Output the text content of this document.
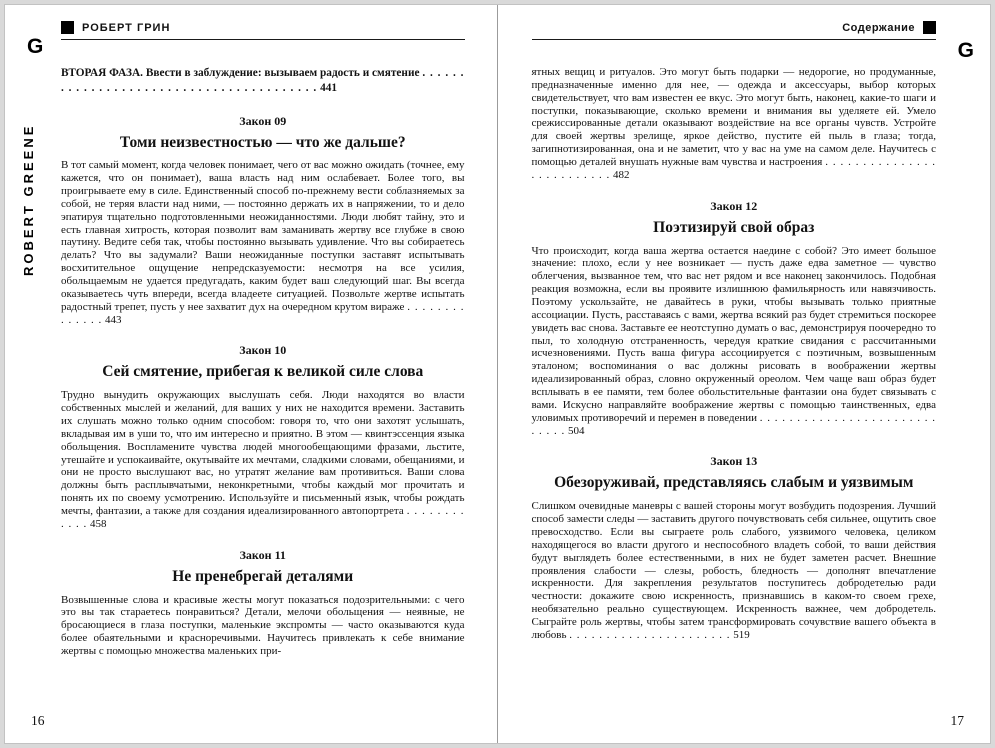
G
ROBERT GREENE
РОБЕРТ ГРИН

ВТОРАЯ ФАЗА. Ввести в заблуждение: вызываем радость и смятение . . . . . . . . . . . . . . . . . . . . . . . . . . . . . . . . . . . . . . . . 441

Закон 09
Томи неизвестностью — что же дальше?

В тот самый момент, когда человек понимает, чего от вас можно ожидать (точнее, ему кажется, что он понимает), ваша власть над ним ослабевает. Более того, вы проигрываете ему в силе. Единственный способ по-прежнему вести соблазняемых за собой, не теряя власти над ними, — постоянно держать их в напряжении, то и дело эпатируя тщательно подготовленными неожиданностями. Люди любят тайну, это и есть главная хитрость, которая позволит вам заманивать жертву все глубже в свою паутину. Ведите себя так, чтобы постоянно вызывать удивление. Что вы собираетесь делать? Что вы задумали? Ваши неожиданные поступки заставят испытывать восхитительное ощущение непредсказуемости: несмотря на все усилия, обольщаемым не удается предугадать, каким будет ваш следующий шаг. Вы всегда оказываетесь чуть впереди, всегда владеете ситуацией. Позвольте жертве испытать радостный трепет, пусть у нее захватит дух на очередном крутом вираже . . . . . . . . . . . . . . 443

Закон 10
Сей смятение, прибегая к великой силе слова

Трудно вынудить окружающих выслушать себя. Люди находятся во власти собственных мыслей и желаний, для ваших у них не находится времени. Заставить их слушать можно только одним способом: говоря то, что они захотят услышать, вкладывая им в уши то, что им интересно и приятно. В этом — квинтэссенция языка обольщения. Воспламените чувства людей многообещающими фразами, льстите, утешайте и успокаивайте, окутывайте их мечтами, сладкими словами, обещаниями, и они не просто выслушают вас, но утратят желание вам противиться. Ваши слова должны быть расплывчатыми, неконкретными, чтобы каждый мог прочитать и понять их по своему усмотрению. Используйте и письменный язык, чтобы рождать мечты, фантазии, а также для создания идеализированного автопортрета . . . . . . . . . . . . 458

Закон 11
Не пренебрегай деталями

Возвышенные слова и красивые жесты могут показаться подозрительными: с чего это вы так стараетесь понравиться? Детали, мелочи обольщения — неявные, не бросающиеся в глаза поступки, маленькие экспромты — часто оказываются куда более обаятельными и красноречивыми. Научитесь привлекать к себе внимание жертвы с помощью множества маленьких при-

16
G
Содержание

ятных вещиц и ритуалов. Это могут быть подарки — недорогие, но продуманные, предназначенные именно для нее, — одежда и аксессуары, выбор которых свидетельствует, что вам известен ее вкус. Это могут быть, наконец, какие-то шаги и поступки, показывающие, сколько времени и внимания вы уделяете ей. Умело срежиссированные детали оказывают воздействие на все органы чувств. Устройте для своей жертвы зрелище, яркое действо, пустите ей пыль в глаза; тогда, загипнотизированная, она и не заметит, что у вас на уме на самом деле. Научитесь с помощью деталей внушать нужные вам чувства и настроения . . . . . . . . . . . . . . . . . . . . . . . . . . 482

Закон 12
Поэтизируй свой образ

Что происходит, когда ваша жертва остается наедине с собой? Это имеет большое значение: плохо, если у нее возникает — пусть даже едва заметное — чувство облегчения, вызванное тем, что вас нет рядом и все наконец закончилось. Подобная реакция возможна, если вы проявите излишнюю фамильярность или навязчивость. Поэтому ускользайте, не давайтесь в руки, чтобы вызывать только приятные ассоциации. Пусть, расставаясь с вами, жертва всякий раз будет стремиться поскорее увидеть вас снова. Заставьте ее неотступно думать о вас, демонстрируя поочередно то пыл, то холодную отстраненность, чередуя краткие свидания с рассчитанными исчезновениями. Пусть ваша фигура ассоциируется с поэтичным, возвышенным эталоном; воспоминания о вас должны рисовать в воображении жертвы идеализированный образ, словно окруженный ореолом. Чем чаще ваш образ будет всплывать в ее памяти, тем более обольстительные фантазии она будет связывать с вами. Искусно направляйте воображение жертвы с помощью таинственных, едва уловимых противоречий и перемен в поведении . . . . . . . . . . . . . . . . . . . . . . . . . . . . . 504

Закон 13
Обезоруживай, представляясь слабым и уязвимым

Слишком очевидные маневры с вашей стороны могут возбудить подозрения. Лучший способ замести следы — заставить другого почувствовать себя сильнее, ощутить свое превосходство. Если вы сыграете роль слабого, уязвимого человека, целиком находящегося во власти другого и неспособного владеть собой, то ваши действия будут выглядеть более естественными, в них не будет заметен расчет. Внешние проявления слабости — слезы, робость, бледность — дополнят впечатление искренности. Для закрепления результатов поступитесь добродетелью ради честности: докажите свою искренность, признавшись в каком-то своем грехе, необязательно реально существующем. Искренность важнее, чем добродетель. Сыграйте роль жертвы, чтобы затем трансформировать сочувствие вашего объекта в любовь . . . . . . . . . . . . . . . . . . . . . . 519

17
